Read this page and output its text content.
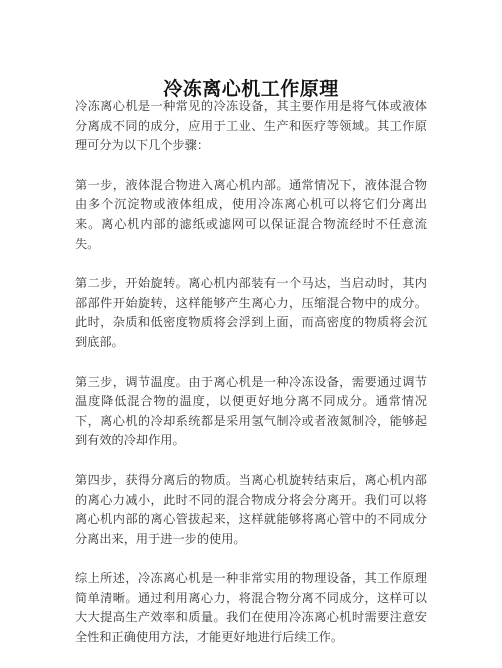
冷冻离心机工作原理

冷冻离心机是一种常见的冷冻设备，其主要作用是将气体或液体分离成不同的成分，应用于工业、生产和医疗等领域。其工作原理可分为以下几个步骤：

第一步，液体混合物进入离心机内部。通常情况下，液体混合物由多个沉淀物或液体组成，使用冷冻离心机可以将它们分离出来。离心机内部的滤纸或滤网可以保证混合物流经时不任意流失。

第二步，开始旋转。离心机内部装有一个马达，当启动时，其内部部件开始旋转，这样能够产生离心力，压缩混合物中的成分。此时，杂质和低密度物质将会浮到上面，而高密度的物质将会沉到底部。

第三步，调节温度。由于离心机是一种冷冻设备，需要通过调节温度降低混合物的温度，以便更好地分离不同成分。通常情况下，离心机的冷却系统都是采用氢气制冷或者液氮制冷，能够起到有效的冷却作用。

第四步，获得分离后的物质。当离心机旋转结束后，离心机内部的离心力减小，此时不同的混合物成分将会分离开。我们可以将离心机内部的离心管拔起来，这样就能够将离心管中的不同成分分离出来，用于进一步的使用。

综上所述，冷冻离心机是一种非常实用的物理设备，其工作原理简单清晰。通过利用离心力，将混合物分离不同成分，这样可以大大提高生产效率和质量。我们在使用冷冻离心机时需要注意安全性和正确使用方法，才能更好地进行后续工作。
